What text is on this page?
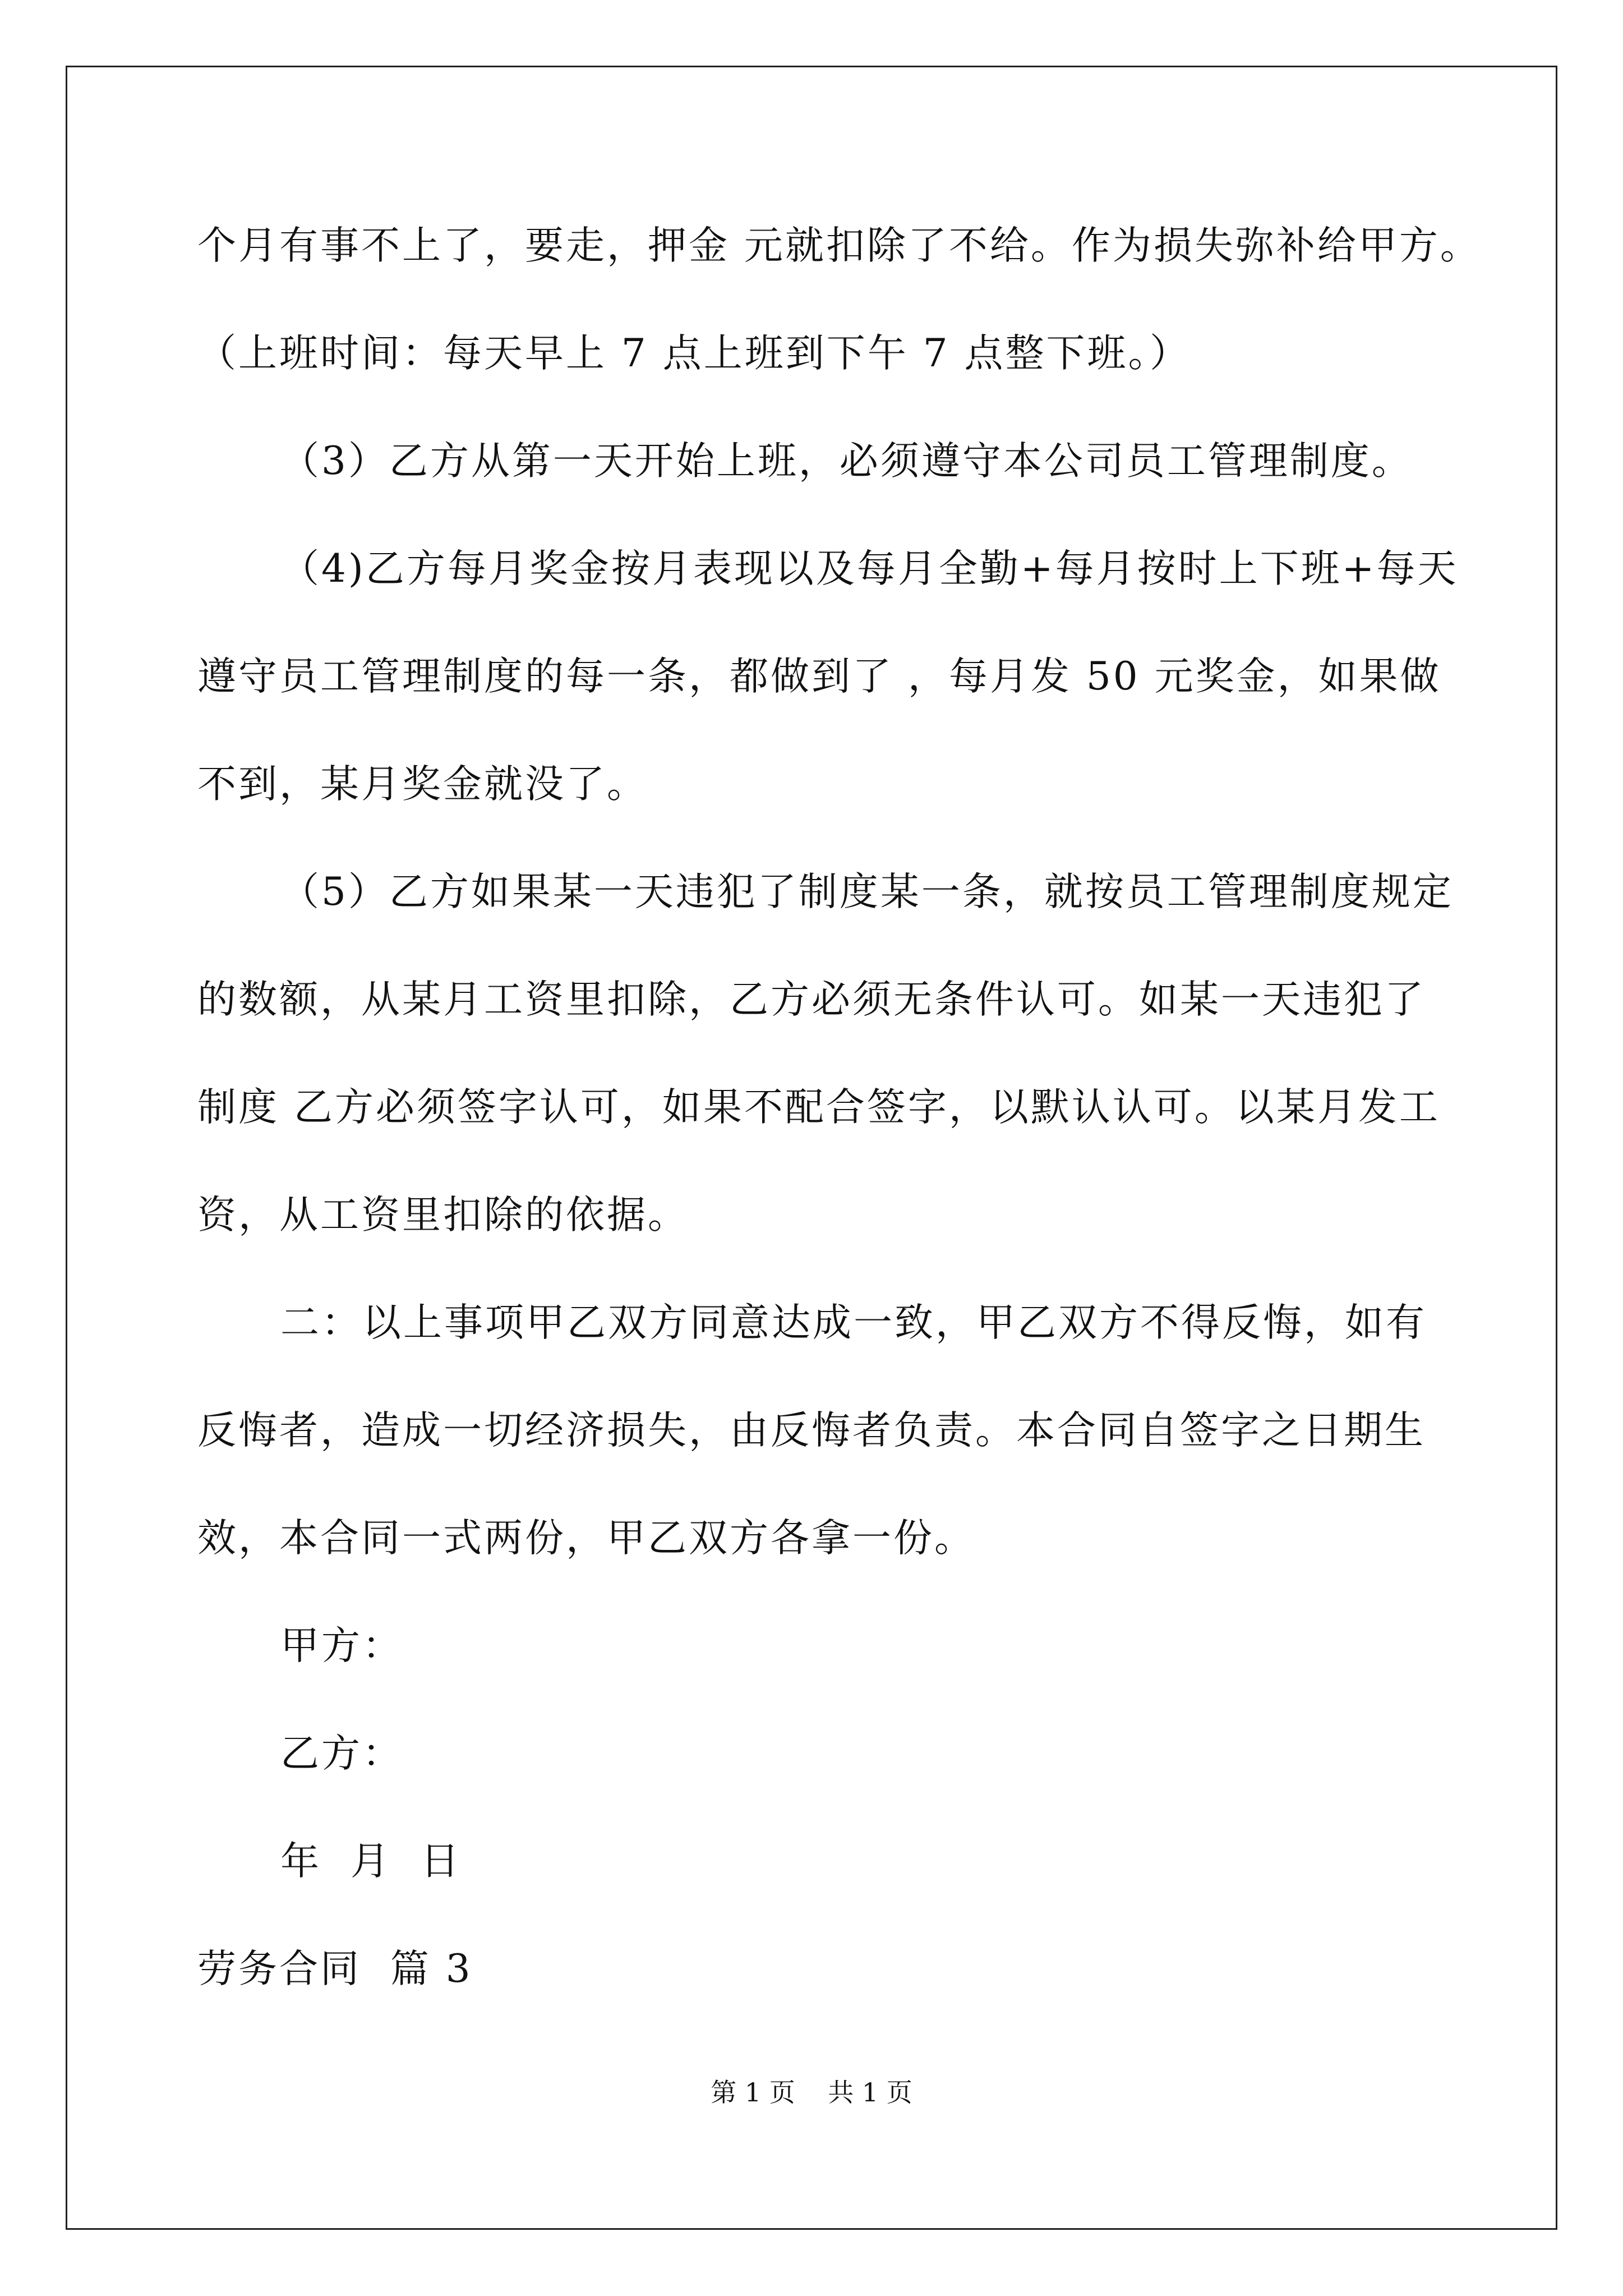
个月有事不上了，要走，押金 元就扣除了不给。作为损失弥补给甲方。
（上班时间：每天早上 7 点上班到下午 7 点整下班。）
（3）乙方从第一天开始上班，必须遵守本公司员工管理制度。
（4)乙方每月奖金按月表现以及每月全勤+每月按时上下班+每天
遵守员工管理制度的每一条，都做到了 ，每月发 50 元奖金，如果做
不到，某月奖金就没了。
（5）乙方如果某一天违犯了制度某一条，就按员工管理制度规定
的数额，从某月工资里扣除，乙方必须无条件认可。如某一天违犯了
制度 乙方必须签字认可，如果不配合签字，以默认认可。以某月发工
资，从工资里扣除的依据。
二：以上事项甲乙双方同意达成一致，甲乙双方不得反悔，如有
反悔者，造成一切经济损失，由反悔者负责。本合同自签字之日期生
效，本合同一式两份，甲乙双方各拿一份。
甲方：
乙方：
年  月  日
劳务合同  篇 3
第 1 页    共 1 页
